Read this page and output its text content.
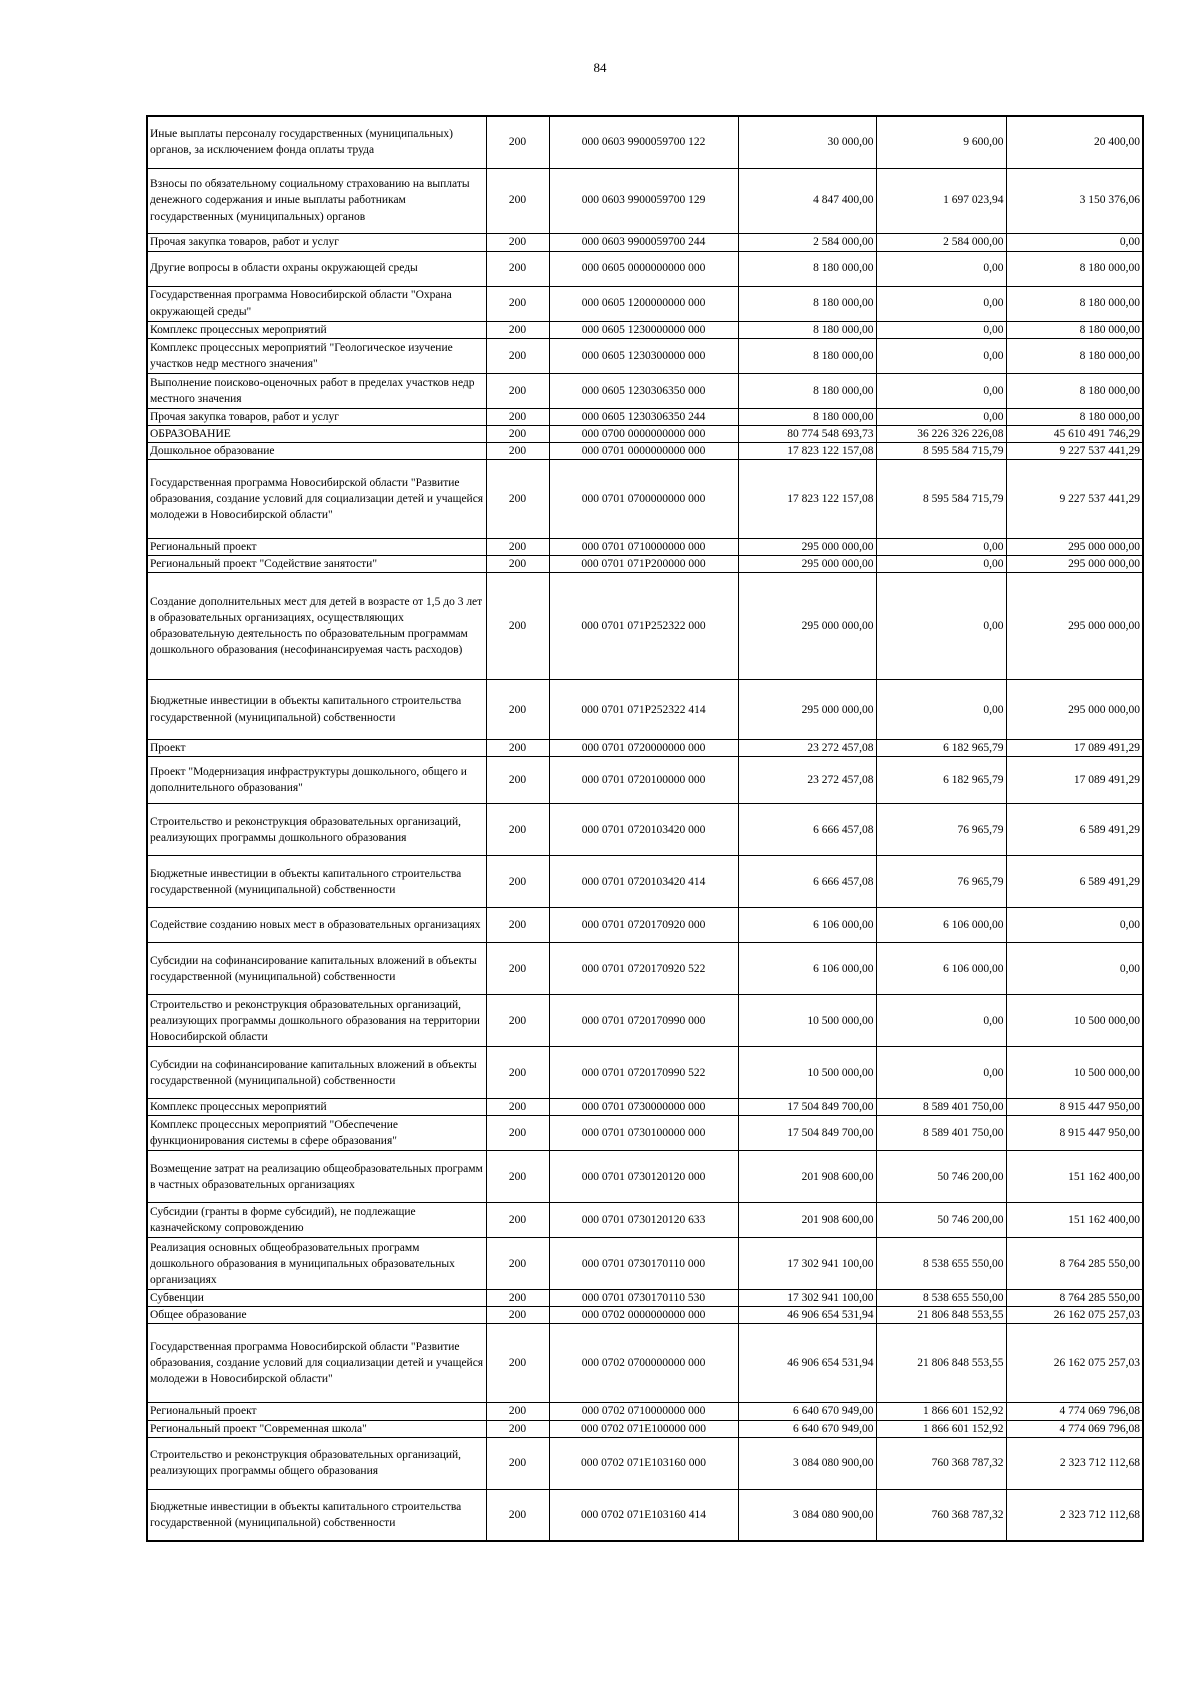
84
Иные выплаты персоналу государственных (муниципальных) органов, за исключением фонда оплаты труда	200	000 0603 9900059700 122	30 000,00	9 600,00	20 400,00
Взносы по обязательному социальному страхованию на выплаты денежного содержания и иные выплаты работникам государственных (муниципальных) органов	200	000 0603 9900059700 129	4 847 400,00	1 697 023,94	3 150 376,06
Прочая закупка товаров, работ и услуг	200	000 0603 9900059700 244	2 584 000,00	2 584 000,00	0,00
Другие вопросы в области охраны окружающей среды	200	000 0605 0000000000 000	8 180 000,00	0,00	8 180 000,00
Государственная программа Новосибирской области "Охрана окружающей среды"	200	000 0605 1200000000 000	8 180 000,00	0,00	8 180 000,00
Комплекс процессных мероприятий	200	000 0605 1230000000 000	8 180 000,00	0,00	8 180 000,00
Комплекс процессных мероприятий "Геологическое изучение участков недр местного значения"	200	000 0605 1230300000 000	8 180 000,00	0,00	8 180 000,00
Выполнение поисково-оценочных работ в пределах участков недр местного значения	200	000 0605 1230306350 000	8 180 000,00	0,00	8 180 000,00
Прочая закупка товаров, работ и услуг	200	000 0605 1230306350 244	8 180 000,00	0,00	8 180 000,00
ОБРАЗОВАНИЕ	200	000 0700 0000000000 000	80 774 548 693,73	36 226 326 226,08	45 610 491 746,29
Дошкольное образование	200	000 0701 0000000000 000	17 823 122 157,08	8 595 584 715,79	9 227 537 441,29
Государственная программа Новосибирской области "Развитие образования, создание условий для социализации детей и учащейся молодежи в Новосибирской области"	200	000 0701 0700000000 000	17 823 122 157,08	8 595 584 715,79	9 227 537 441,29
Региональный проект	200	000 0701 0710000000 000	295 000 000,00	0,00	295 000 000,00
Региональный проект "Содействие занятости"	200	000 0701 071P200000 000	295 000 000,00	0,00	295 000 000,00
Создание дополнительных мест для детей в возрасте от 1,5 до 3 лет в образовательных организациях, осуществляющих образовательную деятельность по образовательным программам дошкольного образования (несофинансируемая часть расходов)	200	000 0701 071P252322 000	295 000 000,00	0,00	295 000 000,00
Бюджетные инвестиции в объекты капитального строительства государственной (муниципальной) собственности	200	000 0701 071P252322 414	295 000 000,00	0,00	295 000 000,00
Проект	200	000 0701 0720000000 000	23 272 457,08	6 182 965,79	17 089 491,29
Проект "Модернизация инфраструктуры дошкольного, общего и дополнительного образования"	200	000 0701 0720100000 000	23 272 457,08	6 182 965,79	17 089 491,29
Строительство и реконструкция образовательных организаций, реализующих программы дошкольного образования	200	000 0701 0720103420 000	6 666 457,08	76 965,79	6 589 491,29
Бюджетные инвестиции в объекты капитального строительства государственной (муниципальной) собственности	200	000 0701 0720103420 414	6 666 457,08	76 965,79	6 589 491,29
Содействие созданию новых мест в образовательных организациях	200	000 0701 0720170920 000	6 106 000,00	6 106 000,00	0,00
Субсидии на софинансирование капитальных вложений в объекты государственной (муниципальной) собственности	200	000 0701 0720170920 522	6 106 000,00	6 106 000,00	0,00
Строительство и реконструкция образовательных организаций, реализующих программы дошкольного образования на территории Новосибирской области	200	000 0701 0720170990 000	10 500 000,00	0,00	10 500 000,00
Субсидии на софинансирование капитальных вложений в объекты государственной (муниципальной) собственности	200	000 0701 0720170990 522	10 500 000,00	0,00	10 500 000,00
Комплекс процессных мероприятий	200	000 0701 0730000000 000	17 504 849 700,00	8 589 401 750,00	8 915 447 950,00
Комплекс процессных мероприятий "Обеспечение функционирования системы в сфере образования"	200	000 0701 0730100000 000	17 504 849 700,00	8 589 401 750,00	8 915 447 950,00
Возмещение затрат на реализацию общеобразовательных программ в частных образовательных организациях	200	000 0701 0730120120 000	201 908 600,00	50 746 200,00	151 162 400,00
Субсидии (гранты в форме субсидий), не подлежащие казначейскому сопровождению	200	000 0701 0730120120 633	201 908 600,00	50 746 200,00	151 162 400,00
Реализация основных общеобразовательных программ дошкольного образования в муниципальных образовательных организациях	200	000 0701 0730170110 000	17 302 941 100,00	8 538 655 550,00	8 764 285 550,00
Субвенции	200	000 0701 0730170110 530	17 302 941 100,00	8 538 655 550,00	8 764 285 550,00
Общее образование	200	000 0702 0000000000 000	46 906 654 531,94	21 806 848 553,55	26 162 075 257,03
Государственная программа Новосибирской области "Развитие образования, создание условий для социализации детей и учащейся молодежи в Новосибирской области"	200	000 0702 0700000000 000	46 906 654 531,94	21 806 848 553,55	26 162 075 257,03
Региональный проект	200	000 0702 0710000000 000	6 640 670 949,00	1 866 601 152,92	4 774 069 796,08
Региональный проект "Современная школа"	200	000 0702 071E100000 000	6 640 670 949,00	1 866 601 152,92	4 774 069 796,08
Строительство и реконструкция образовательных организаций, реализующих программы общего образования	200	000 0702 071E103160 000	3 084 080 900,00	760 368 787,32	2 323 712 112,68
Бюджетные инвестиции в объекты капитального строительства государственной (муниципальной) собственности	200	000 0702 071E103160 414	3 084 080 900,00	760 368 787,32	2 323 712 112,68
